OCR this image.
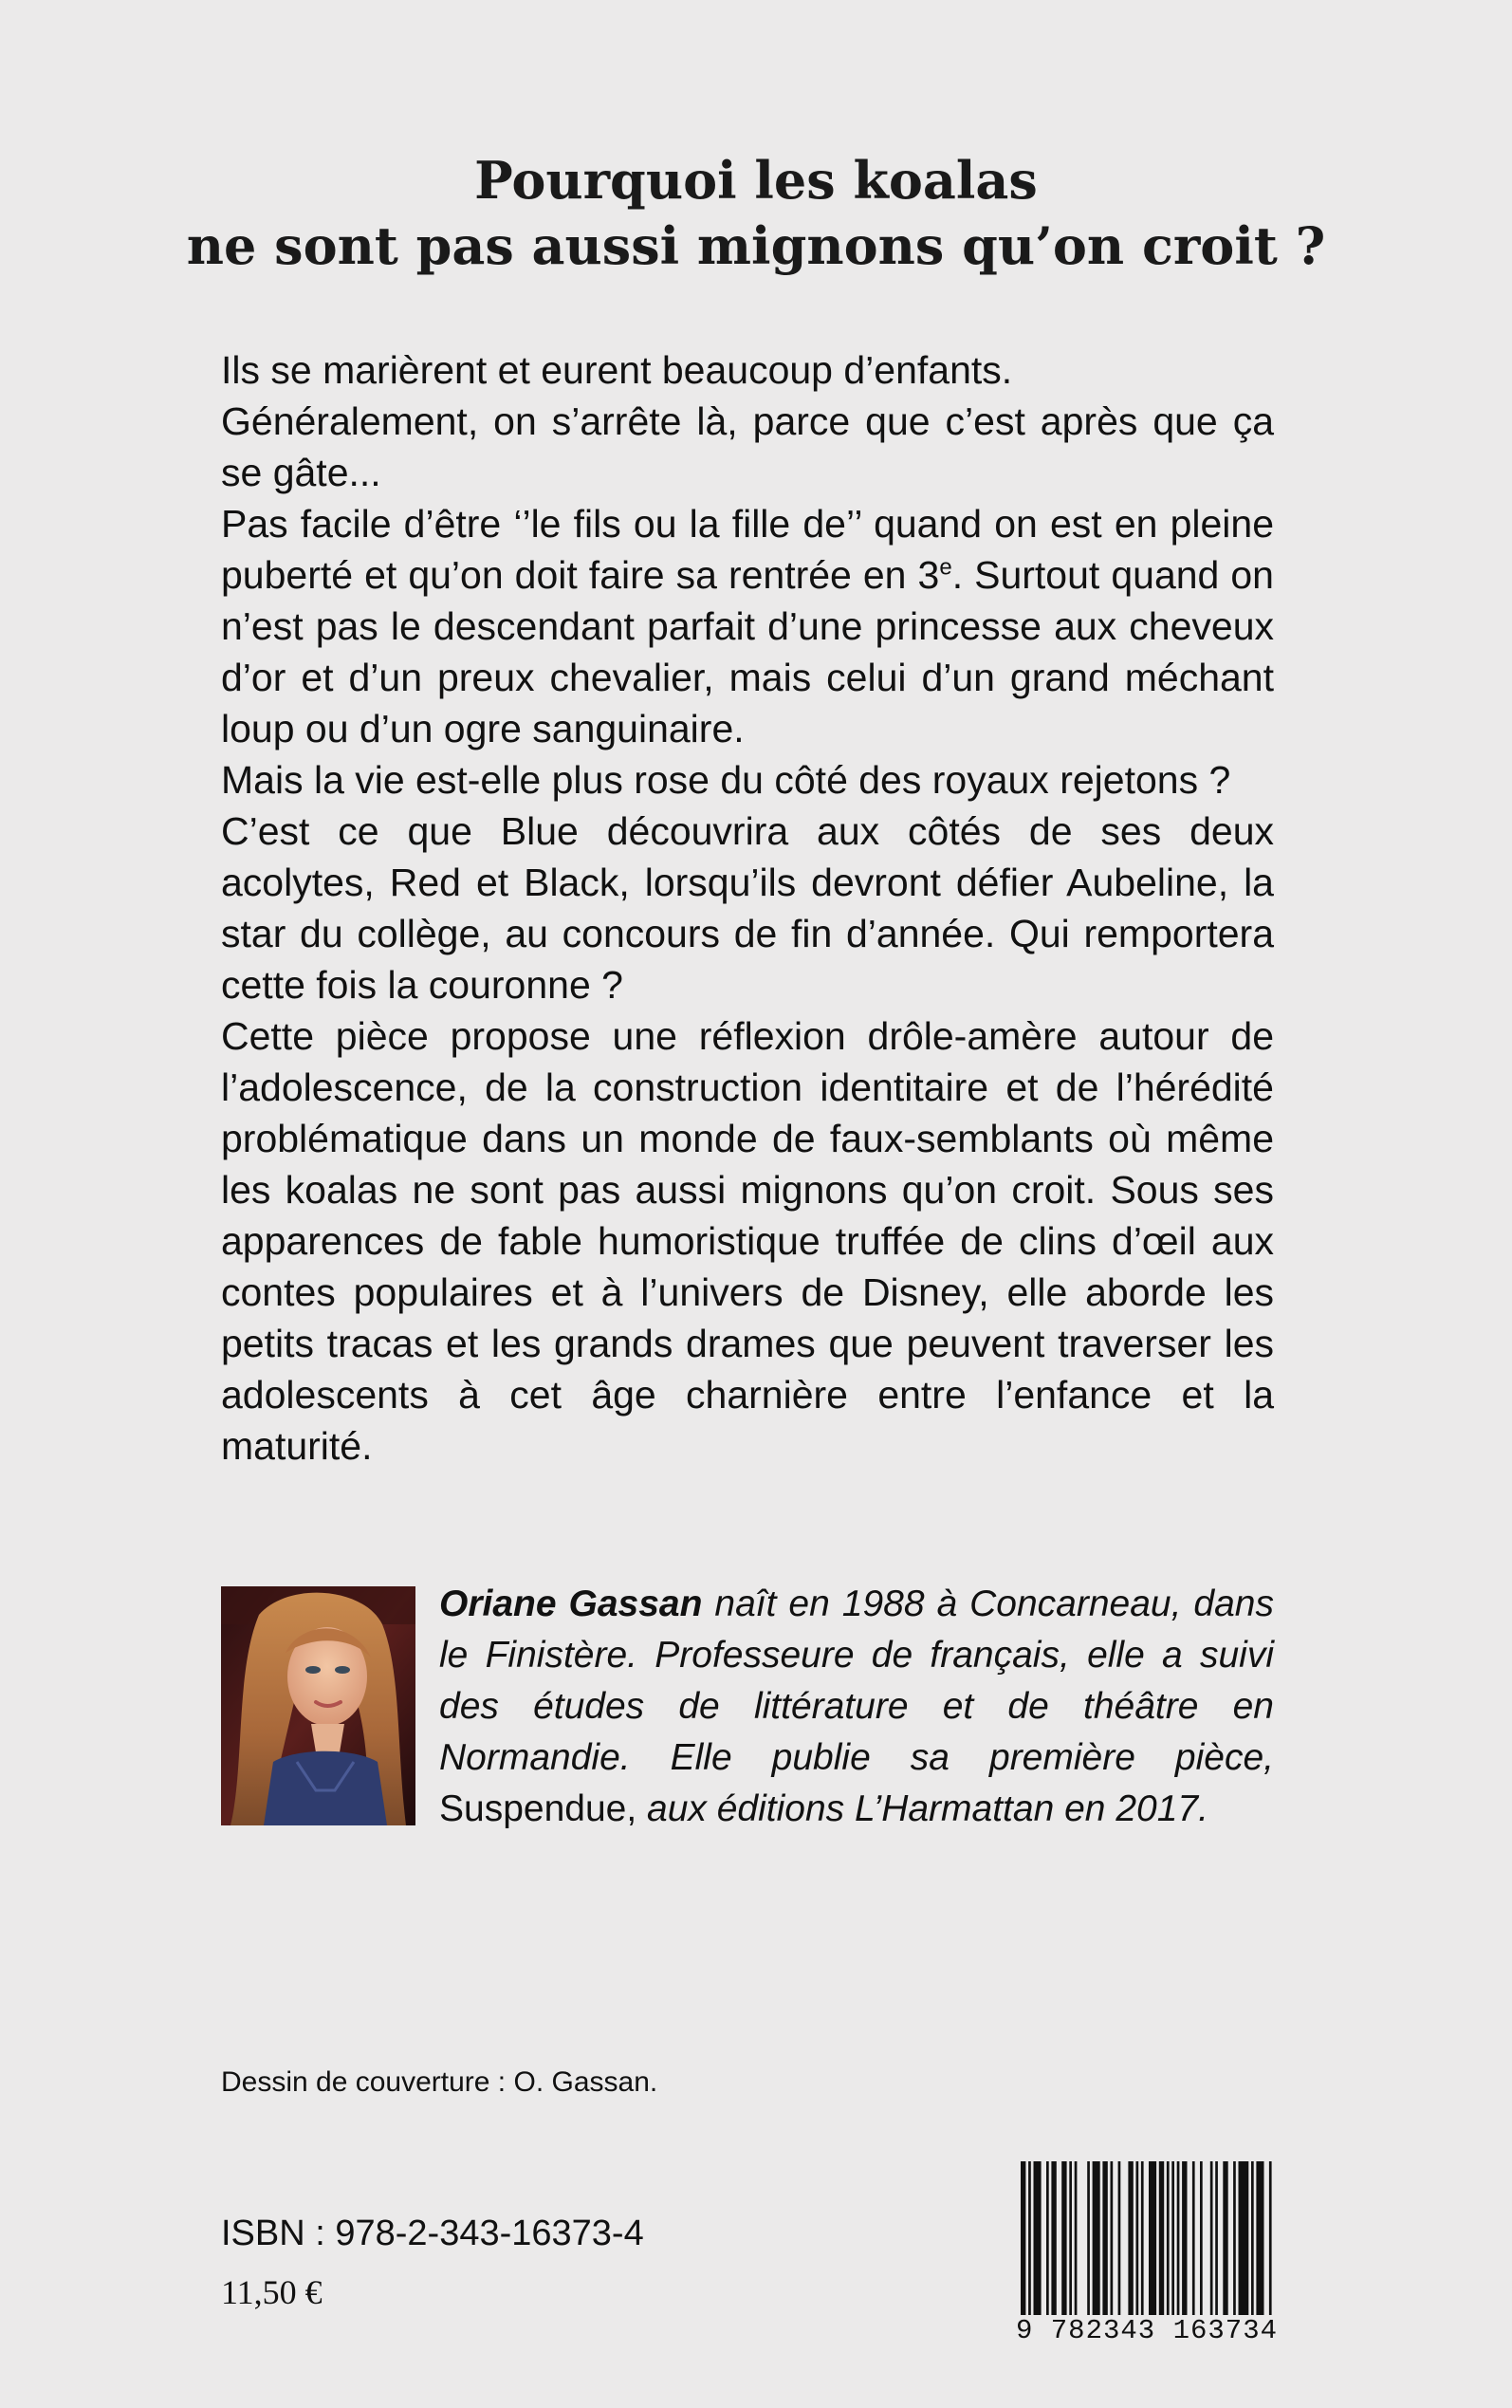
Pourquoi les koalas
ne sont pas aussi mignons qu’on croit ?

Ils se marièrent et eurent beaucoup d’enfants.

Généralement, on s’arrête là, parce que c’est après que ça se gâte...

Pas facile d’être ‘’le fils ou la fille de’’ quand on est en pleine puberté et qu’on doit faire sa rentrée en 3e. Surtout quand on n’est pas le descendant parfait d’une princesse aux cheveux d’or et d’un preux chevalier, mais celui d’un grand méchant loup ou d’un ogre sanguinaire.

Mais la vie est-elle plus rose du côté des royaux rejetons ?

C’est ce que Blue découvrira aux côtés de ses deux acolytes, Red et Black, lorsqu’ils devront défier Aubeline, la star du collège, au concours de fin d’année. Qui remportera cette fois la couronne ?

Cette pièce propose une réflexion drôle-amère autour de l’adolescence, de la construction identitaire et de l’hérédité problématique dans un monde de faux-semblants où même les koalas ne sont pas aussi mignons qu’on croit. Sous ses apparences de fable humoristique truffée de clins d’œil aux contes populaires et à l’univers de Disney, elle aborde les petits tracas et les grands drames que peuvent traverser les adolescents à cet âge charnière entre l’enfance et la maturité.

Oriane Gassan naît en 1988 à Concarneau, dans le Finistère. Professeure de français, elle a suivi des études de littérature et de théâtre en Normandie. Elle publie sa première pièce, Suspendue, aux éditions L’Harmattan en 2017.

Dessin de couverture : O. Gassan.

ISBN : 978-2-343-16373-4

11,50 €

9 782343 163734
